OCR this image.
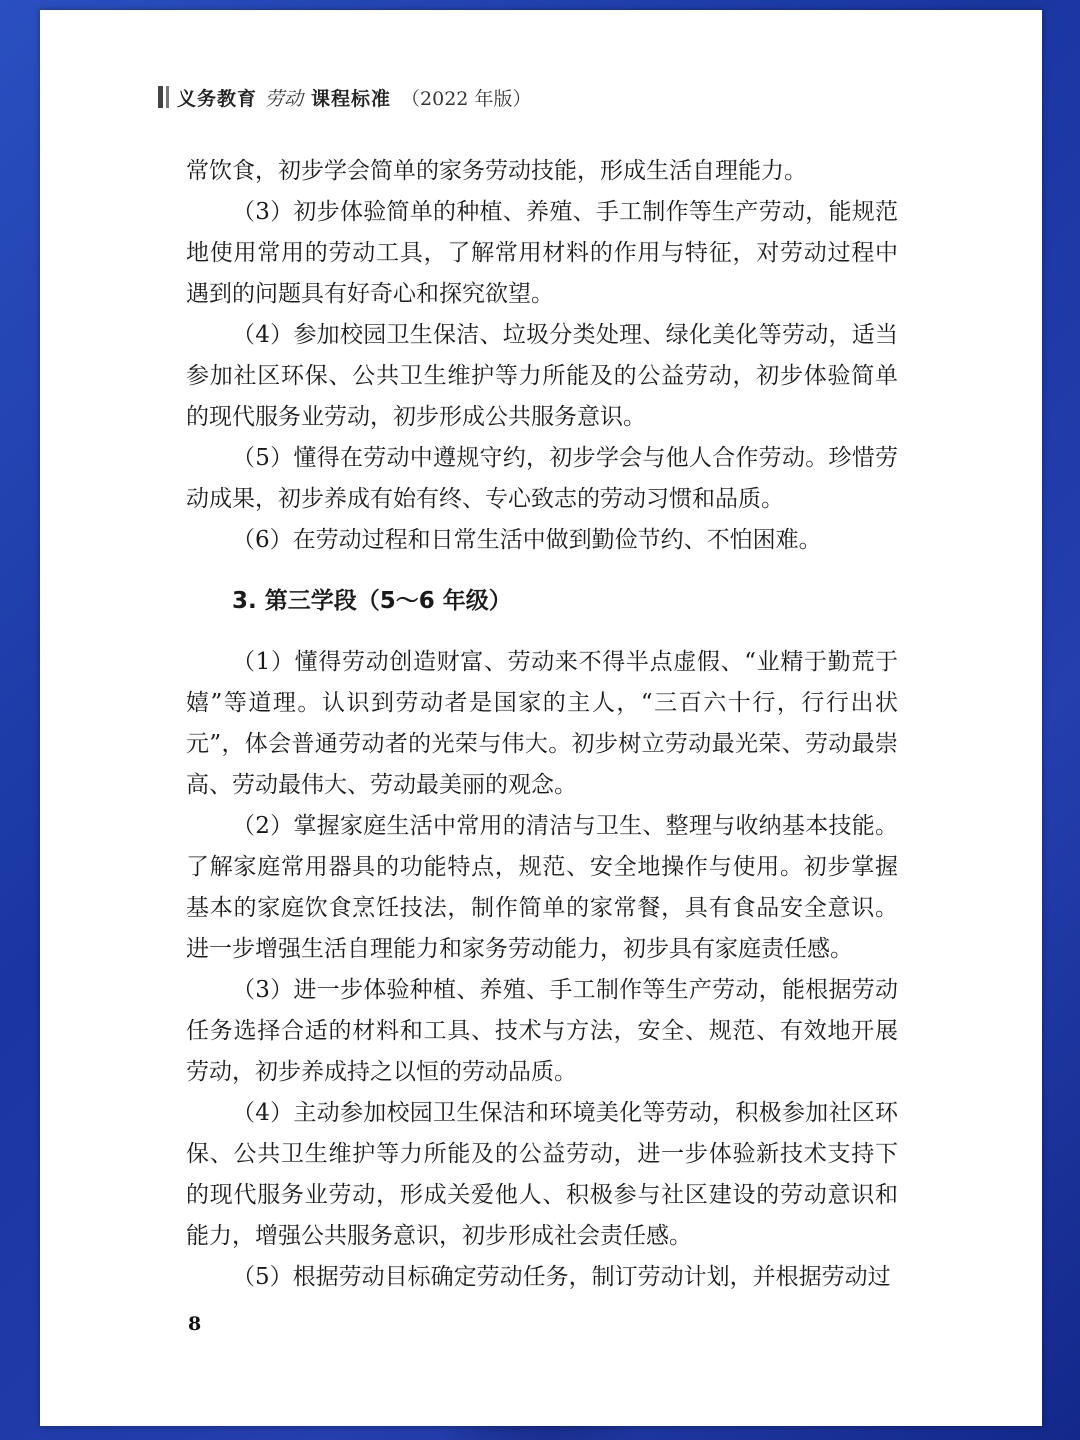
义务教育 劳动 课程标准 （2022 年版）

常饮食，初步学会简单的家务劳动技能，形成生活自理能力。

（3）初步体验简单的种植、养殖、手工制作等生产劳动，能规范地使用常用的劳动工具，了解常用材料的作用与特征，对劳动过程中遇到的问题具有好奇心和探究欲望。

（4）参加校园卫生保洁、垃圾分类处理、绿化美化等劳动，适当参加社区环保、公共卫生维护等力所能及的公益劳动，初步体验简单的现代服务业劳动，初步形成公共服务意识。

（5）懂得在劳动中遵规守约，初步学会与他人合作劳动。珍惜劳动成果，初步养成有始有终、专心致志的劳动习惯和品质。

（6）在劳动过程和日常生活中做到勤俭节约、不怕困难。

3. 第三学段（5～6 年级）

（1）懂得劳动创造财富、劳动来不得半点虚假、“业精于勤荒于嬉”等道理。认识到劳动者是国家的主人，“三百六十行，行行出状元”，体会普通劳动者的光荣与伟大。初步树立劳动最光荣、劳动最崇高、劳动最伟大、劳动最美丽的观念。

（2）掌握家庭生活中常用的清洁与卫生、整理与收纳基本技能。了解家庭常用器具的功能特点，规范、安全地操作与使用。初步掌握基本的家庭饮食烹饪技法，制作简单的家常餐，具有食品安全意识。进一步增强生活自理能力和家务劳动能力，初步具有家庭责任感。

（3）进一步体验种植、养殖、手工制作等生产劳动，能根据劳动任务选择合适的材料和工具、技术与方法，安全、规范、有效地开展劳动，初步养成持之以恒的劳动品质。

（4）主动参加校园卫生保洁和环境美化等劳动，积极参加社区环保、公共卫生维护等力所能及的公益劳动，进一步体验新技术支持下的现代服务业劳动，形成关爱他人、积极参与社区建设的劳动意识和能力，增强公共服务意识，初步形成社会责任感。

（5）根据劳动目标确定劳动任务，制订劳动计划，并根据劳动过

8
